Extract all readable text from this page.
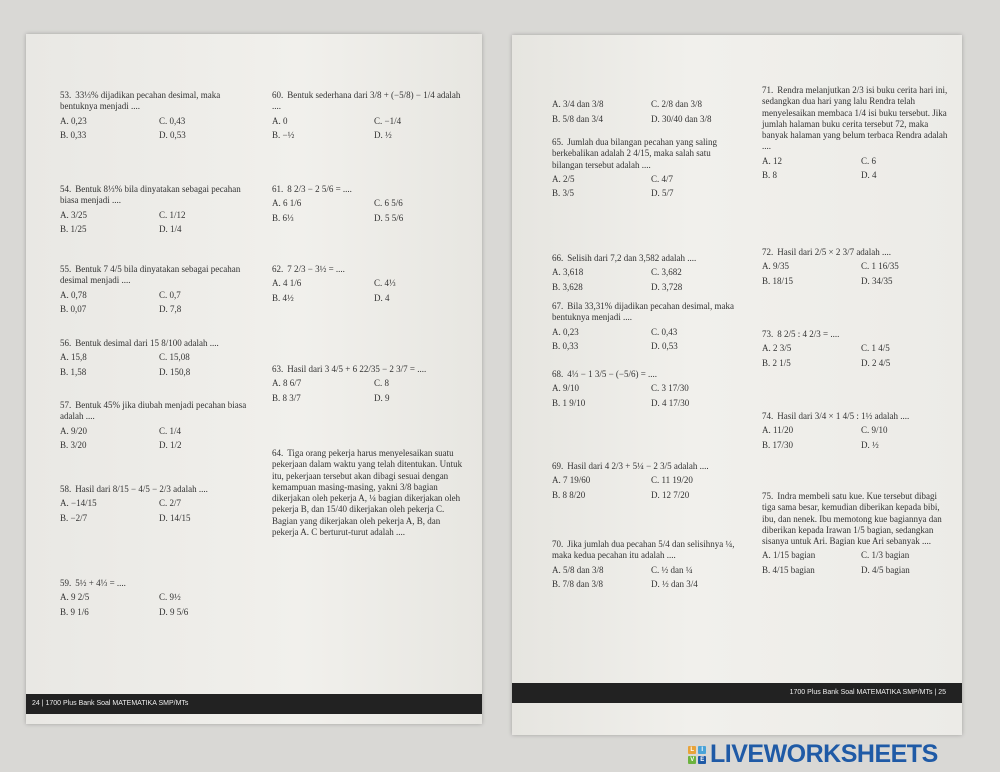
53. 33⅓% dijadikan pecahan desimal, maka bentuknya menjadi ....
A. 0,23	C. 0,43
B. 0,33	D. 0,53
54. Bentuk 8⅓% bila dinyatakan sebagai pecahan biasa menjadi ....
A. 3/25	C. 1/12
B. 1/25	D. 1/4
55. Bentuk 7 4/5 bila dinyatakan sebagai pecahan desimal menjadi ....
A. 0,78	C. 0,7
B. 0,07	D. 7,8
56. Bentuk desimal dari 15 8/100 adalah ....
A. 15,8	C. 15,08
B. 1,58	D. 150,8
57. Bentuk 45% jika diubah menjadi pecahan biasa adalah ....
A. 9/20	C. 1/4
B. 3/20	D. 1/2
58. Hasil dari 8/15 − 4/5 − 2/3 adalah ....
A. −14/15	C. 2/7
B. −2/7	D. 14/15
59. 5½ + 4⅓ = ....
A. 9 2/5	C. 9½
B. 9 1/6	D. 9 5/6
60. Bentuk sederhana dari 3/8 + (−5/8) − 1/4 adalah ....
A. 0	C. −1/4
B. −½	D. ½
61. 8 2/3 − 2 5/6 = ....
A. 6 1/6	C. 6 5/6
B. 6⅓	D. 5 5/6
62. 7 2/3 − 3½ = ....
A. 4 1/6	C. 4⅓
B. 4½	D. 4
63. Hasil dari 3 4/5 + 6 22/35 − 2 3/7 = ....
A. 8 6/7	C. 8
B. 8 3/7	D. 9
64. Tiga orang pekerja harus menyelesaikan suatu pekerjaan dalam waktu yang telah ditentukan. Untuk itu, pekerjaan tersebut akan dibagi sesuai dengan kemampuan masing-masing, yakni 3/8 bagian dikerjakan oleh pekerja A, ¼ bagian dikerjakan oleh pekerja B, dan 15/40 dikerjakan oleh pekerja C. Bagian yang dikerjakan oleh pekerja A, B, dan pekerja A. C berturut-turut adalah ....
24 | 1700 Plus Bank Soal MATEMATIKA SMP/MTs
A. 3/4 dan 3/8	C. 2/8 dan 3/8
B. 5/8 dan 3/4	D. 30/40 dan 3/8
65. Jumlah dua bilangan pecahan yang saling berkebalikan adalah 2 4/15, maka salah satu bilangan tersebut adalah ....
A. 2/5	C. 4/7
B. 3/5	D. 5/7
66. Selisih dari 7,2 dan 3,582 adalah ....
A. 3,618	C. 3,682
B. 3,628	D. 3,728
67. Bila 33,31% dijadikan pecahan desimal, maka bentuknya menjadi ....
A. 0,23	C. 0,43
B. 0,33	D. 0,53
68. 4⅓ − 1 3/5 − (−5/6) = ....
A. 9/10	C. 3 17/30
B. 1 9/10	D. 4 17/30
69. Hasil dari 4 2/3 + 5¼ − 2 3/5 adalah ....
A. 7 19/60	C. 11 19/20
B. 8 8/20	D. 12 7/20
70. Jika jumlah dua pecahan 5/4 dan selisihnya ¼, maka kedua pecahan itu adalah ....
A. 5/8 dan 3/8	C. ½ dan ¼
B. 7/8 dan 3/8	D. ½ dan 3/4
71. Rendra melanjutkan 2/3 isi buku cerita hari ini, sedangkan dua hari yang lalu Rendra telah menyelesaikan membaca 1/4 isi buku tersebut. Jika jumlah halaman buku cerita tersebut 72, maka banyak halaman yang belum terbaca Rendra adalah ....
A. 12	C. 6
B. 8	D. 4
72. Hasil dari 2/5 × 2 3/7 adalah ....
A. 9/35	C. 1 16/35
B. 18/15	D. 34/35
73. 8 2/5 : 4 2/3 = ....
A. 2 3/5	C. 1 4/5
B. 2 1/5	D. 2 4/5
74. Hasil dari 3/4 × 1 4/5 : 1½ adalah ....
A. 11/20	C. 9/10
B. 17/30	D. ½
75. Indra membeli satu kue. Kue tersebut dibagi tiga sama besar, kemudian diberikan kepada bibi, ibu, dan nenek. Ibu memotong kue bagiannya dan diberikan kepada Irawan 1/5 bagian, sedangkan sisanya untuk Ari. Bagian kue Ari sebanyak ....
A. 1/15 bagian	C. 1/3 bagian
B. 4/15 bagian	D. 4/5 bagian
1700 Plus Bank Soal MATEMATIKA SMP/MTs | 25
L	I
V	E LIVEWORKSHEETS
